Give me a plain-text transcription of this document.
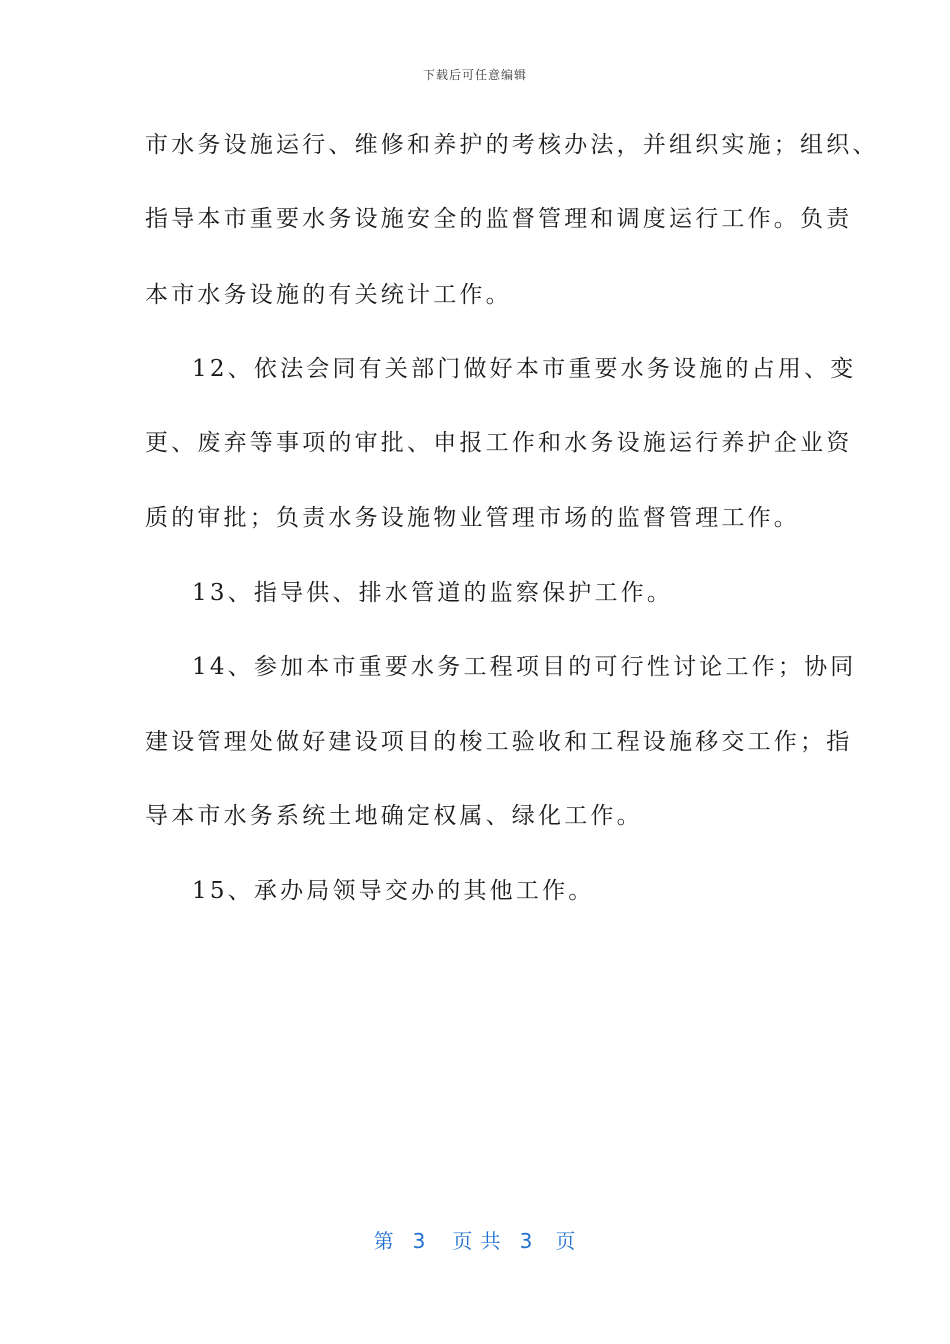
下载后可任意编辑
市水务设施运行、维修和养护的考核办法，并组织实施；组织、
指导本市重要水务设施安全的监督管理和调度运行工作。负责
本市水务设施的有关统计工作。
12、依法会同有关部门做好本市重要水务设施的占用、变
更、废弃等事项的审批、申报工作和水务设施运行养护企业资
质的审批；负责水务设施物业管理市场的监督管理工作。
13、指导供、排水管道的监察保护工作。
14、参加本市重要水务工程项目的可行性讨论工作；协同
建设管理处做好建设项目的梭工验收和工程设施移交工作；指
导本市水务系统土地确定权属、绿化工作。
15、承办局领导交办的其他工作。
第 3 页 共 3 页
